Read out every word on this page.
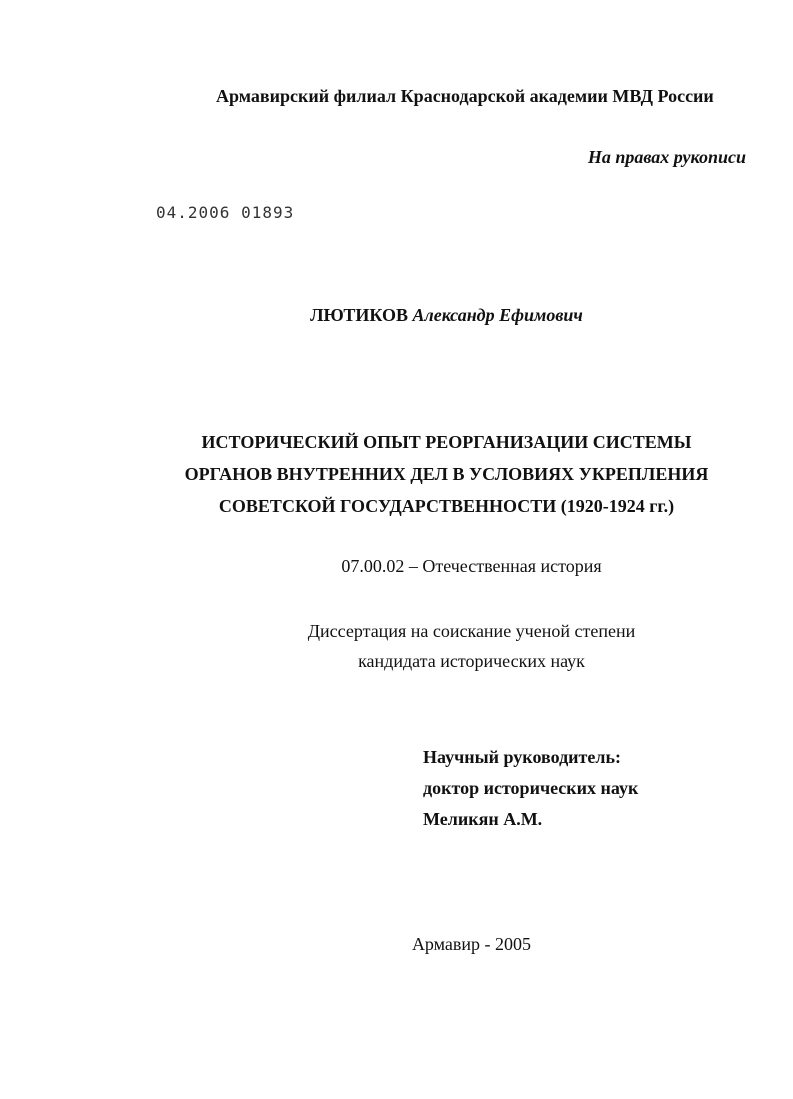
Армавирский филиал Краснодарской академии МВД России
На правах рукописи
04.2006 01893
ЛЮТИКОВ Александр Ефимович
ИСТОРИЧЕСКИЙ ОПЫТ РЕОРГАНИЗАЦИИ СИСТЕМЫ
ОРГАНОВ ВНУТРЕННИХ ДЕЛ В УСЛОВИЯХ УКРЕПЛЕНИЯ
СОВЕТСКОЙ ГОСУДАРСТВЕННОСТИ (1920-1924 гг.)
07.00.02 – Отечественная история
Диссертация на соискание ученой степени
кандидата исторических наук
Научный руководитель:
доктор исторических наук
Меликян А.М.
Армавир - 2005
